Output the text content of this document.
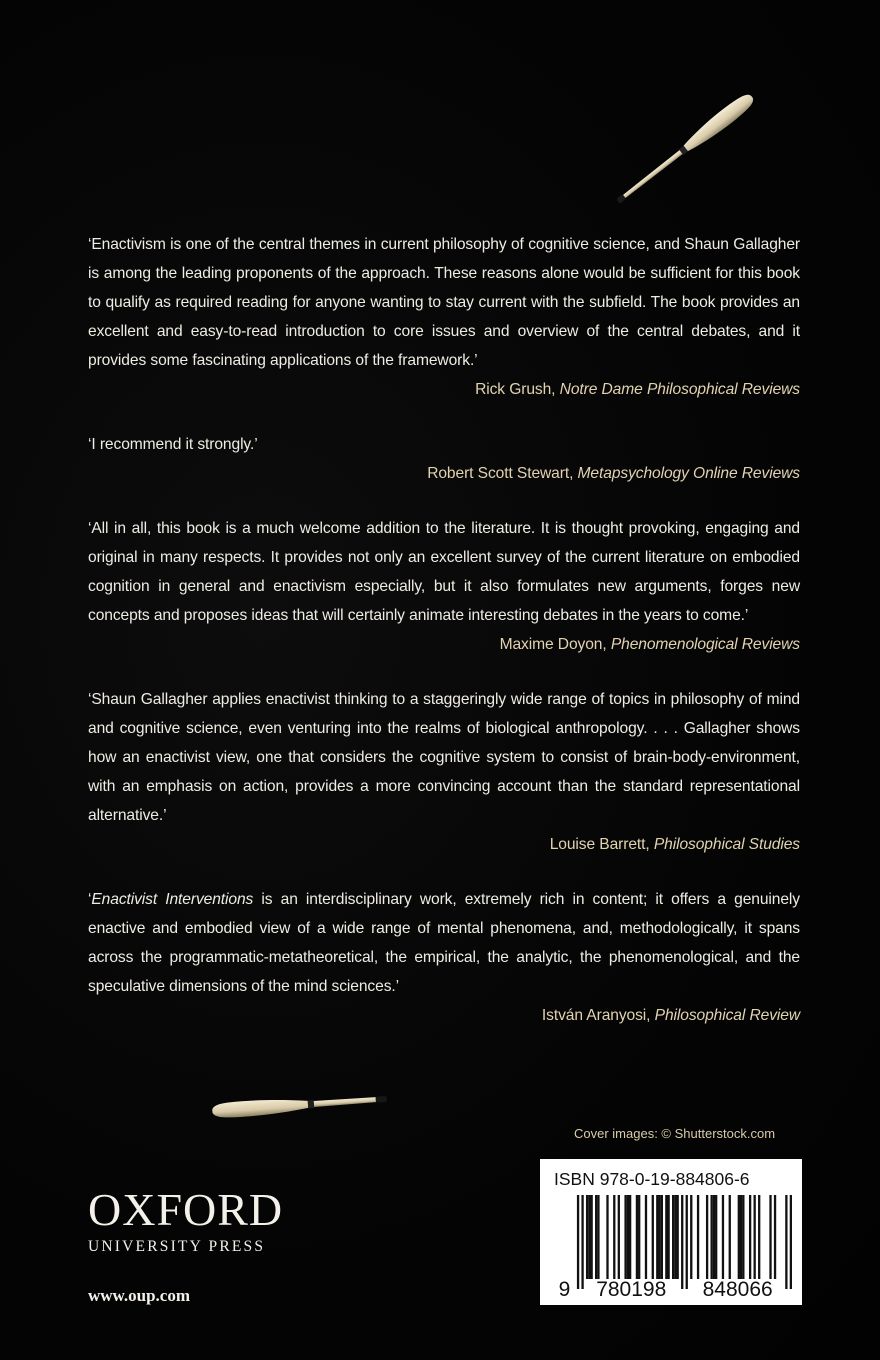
‘Enactivism is one of the central themes in current philosophy of cognitive science, and Shaun Gallagher is among the leading proponents of the approach. These reasons alone would be sufficient for this book to qualify as required reading for anyone wanting to stay current with the subfield. The book provides an excellent and easy-to-read introduction to core issues and overview of the central debates, and it provides some fascinating applications of the framework.’

Rick Grush, Notre Dame Philosophical Reviews

‘I recommend it strongly.’

Robert Scott Stewart, Metapsychology Online Reviews

‘All in all, this book is a much welcome addition to the literature. It is thought provoking, engaging and original in many respects. It provides not only an excellent survey of the current literature on embodied cognition in general and enactivism especially, but it also formulates new arguments, forges new concepts and proposes ideas that will certainly animate interesting debates in the years to come.’

Maxime Doyon, Phenomenological Reviews

‘Shaun Gallagher applies enactivist thinking to a staggeringly wide range of topics in philosophy of mind and cognitive science, even venturing into the realms of biological anthropology. . . . Gallagher shows how an enactivist view, one that considers the cognitive system to consist of brain-body-environment, with an emphasis on action, provides a more convincing account than the standard representational alternative.’

Louise Barrett, Philosophical Studies

‘Enactivist Interventions is an interdisciplinary work, extremely rich in content; it offers a genuinely enactive and embodied view of a wide range of mental phenomena, and, methodologically, it spans across the programmatic-metatheoretical, the empirical, the analytic, the phenomenological, and the speculative dimensions of the mind sciences.’

István Aranyosi, Philosophical Review

Cover images: © Shutterstock.com
OXFORD
UNIVERSITY PRESS
www.oup.com
ISBN 978-0-19-884806-6
9 780198 848066
